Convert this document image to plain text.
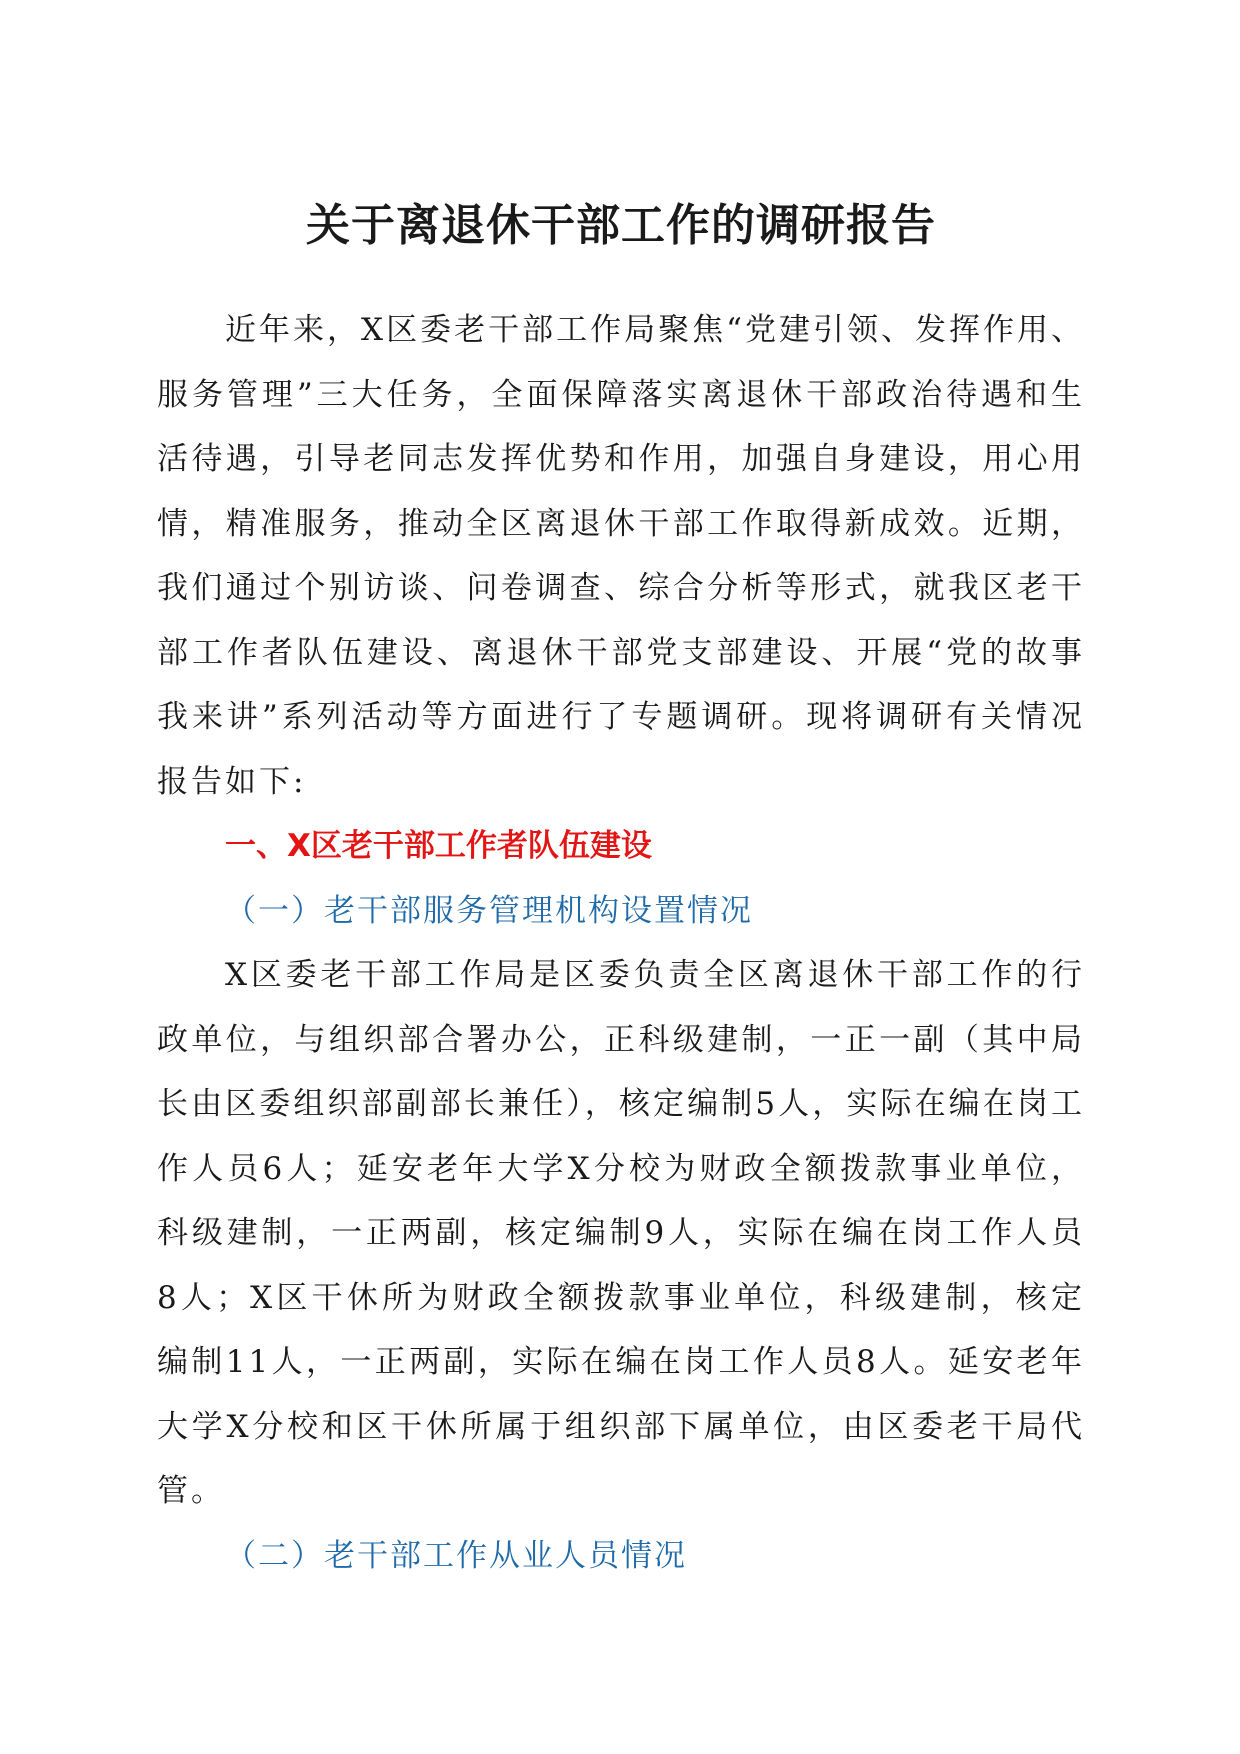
关于离退休干部工作的调研报告

近年来，X区委老干部工作局聚焦“党建引领、发挥作用、服务管理”三大任务，全面保障落实离退休干部政治待遇和生活待遇，引导老同志发挥优势和作用，加强自身建设，用心用情，精准服务，推动全区离退休干部工作取得新成效。近期，我们通过个别访谈、问卷调查、综合分析等形式，就我区老干部工作者队伍建设、离退休干部党支部建设、开展“党的故事我来讲”系列活动等方面进行了专题调研。现将调研有关情况报告如下:

一、X区老干部工作者队伍建设

（一）老干部服务管理机构设置情况

X区委老干部工作局是区委负责全区离退休干部工作的行政单位，与组织部合署办公，正科级建制，一正一副（其中局长由区委组织部副部长兼任），核定编制5人，实际在编在岗工作人员6人；延安老年大学X分校为财政全额拨款事业单位，科级建制，一正两副，核定编制9人，实际在编在岗工作人员8人；X区干休所为财政全额拨款事业单位，科级建制，核定编制11人，一正两副，实际在编在岗工作人员8人。延安老年大学X分校和区干休所属于组织部下属单位，由区委老干局代管。

（二）老干部工作从业人员情况
